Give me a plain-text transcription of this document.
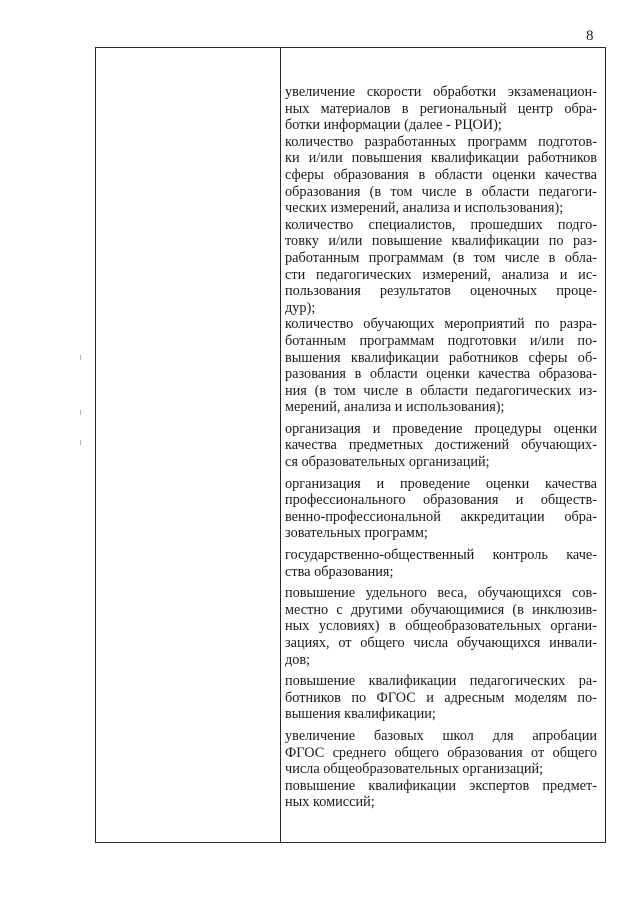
8
увеличение скорости обработки экзаменацион-
ных материалов в региональный центр обра-
ботки информации (далее - РЦОИ);
количество разработанных программ подготов-
ки и/или повышения квалификации работников
сферы образования в области оценки качества
образования (в том числе в области педагоги-
ческих измерений, анализа и использования);
количество специалистов, прошедших подго-
товку и/или повышение квалификации по раз-
работанным программам (в том числе в обла-
сти педагогических измерений, анализа и ис-
пользования результатов оценочных проце-
дур);
количество обучающих мероприятий по разра-
ботанным программам подготовки и/или по-
вышения квалификации работников сферы об-
разования в области оценки качества образова-
ния (в том числе в области педагогических из-
мерений, анализа и использования);
организация и проведение процедуры оценки
качества предметных достижений обучающих-
ся образовательных организаций;
организация и проведение оценки качества
профессионального образования и обществ-
венно-профессиональной аккредитации обра-
зовательных программ;
государственно-общественный контроль каче-
ства образования;
повышение удельного веса, обучающихся сов-
местно с другими обучающимися (в инклюзив-
ных условиях) в общеобразовательных органи-
зациях, от общего числа обучающихся инвали-
дов;
повышение квалификации педагогических ра-
ботников по ФГОС и адресным моделям по-
вышения квалификации;
увеличение базовых школ для апробации
ФГОС среднего общего образования от общего
числа общеобразовательных организаций;
повышение квалификации экспертов предмет-
ных комиссий;
